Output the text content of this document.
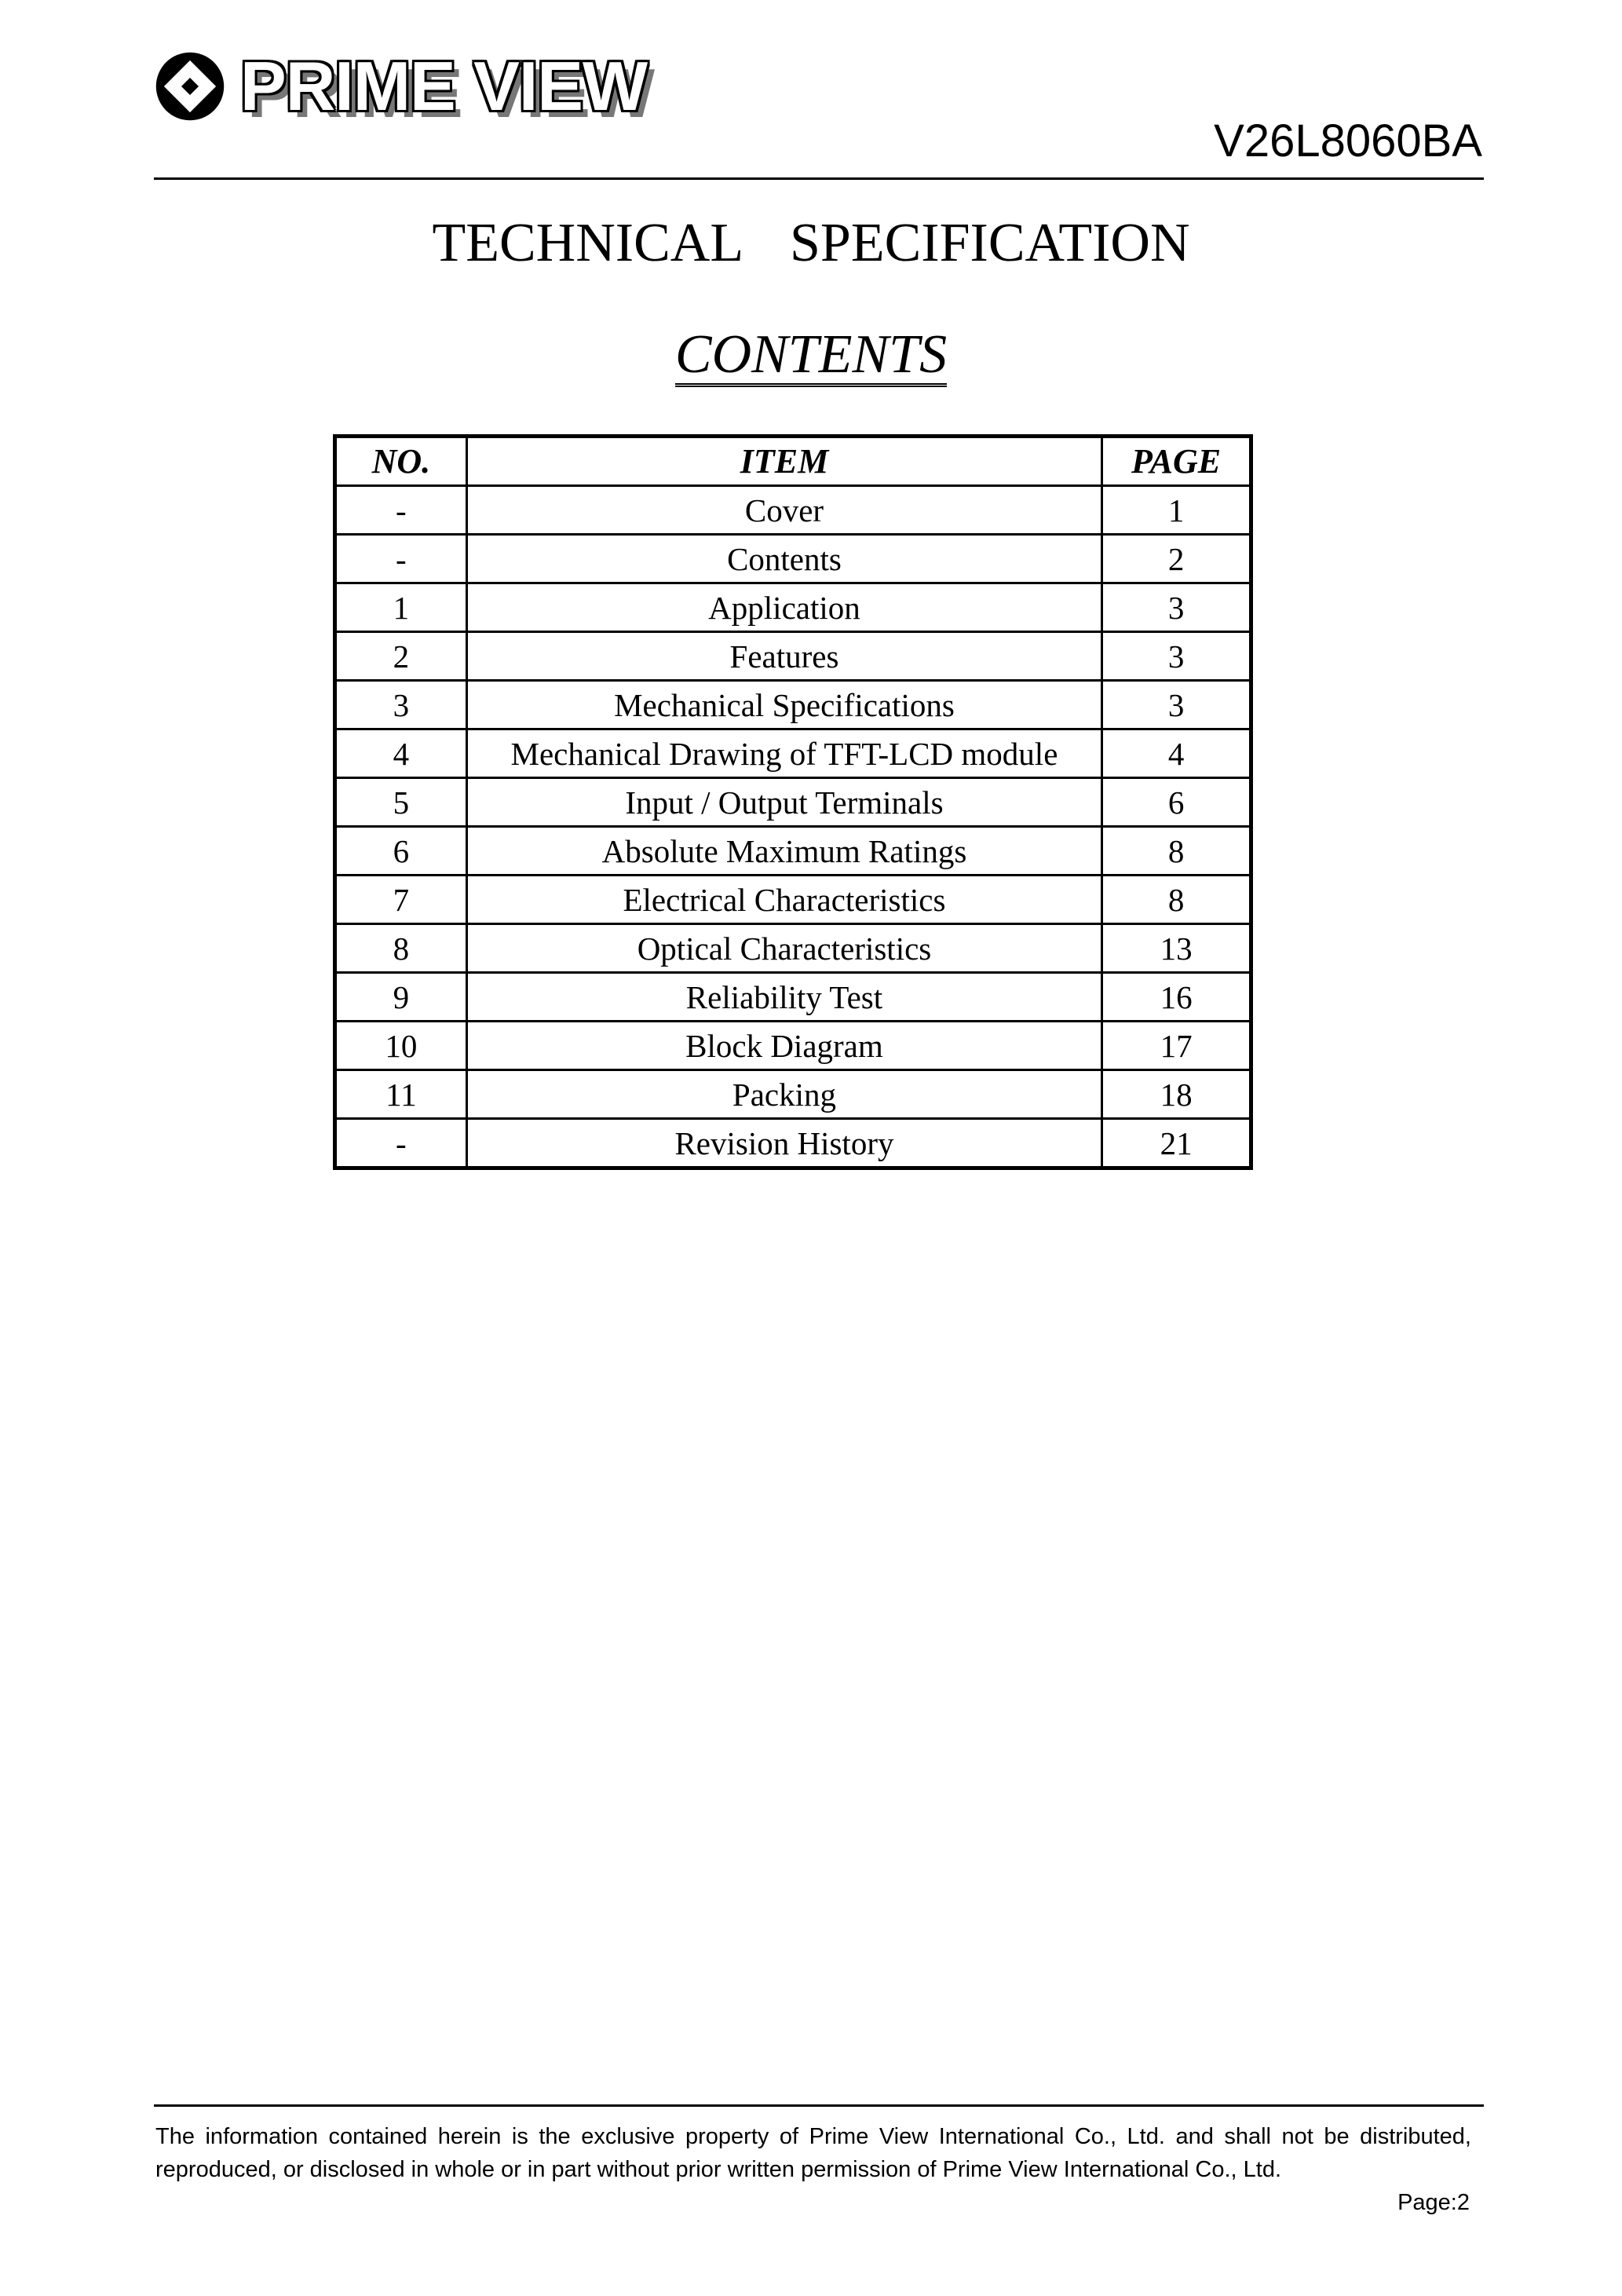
PRIME VIEW
V26L8060BA
TECHNICAL SPECIFICATION
CONTENTS
NO.	ITEM	PAGE
-	Cover	1
-	Contents	2
1	Application	3
2	Features	3
3	Mechanical Specifications	3
4	Mechanical Drawing of TFT-LCD module	4
5	Input / Output Terminals	6
6	Absolute Maximum Ratings	8
7	Electrical Characteristics	8
8	Optical Characteristics	13
9	Reliability Test	16
10	Block Diagram	17
11	Packing	18
-	Revision History	21
The information contained herein is the exclusive property of Prime View International Co., Ltd. and shall not be distributed, reproduced, or disclosed in whole or in part without prior written permission of Prime View International Co., Ltd.
Page:2
